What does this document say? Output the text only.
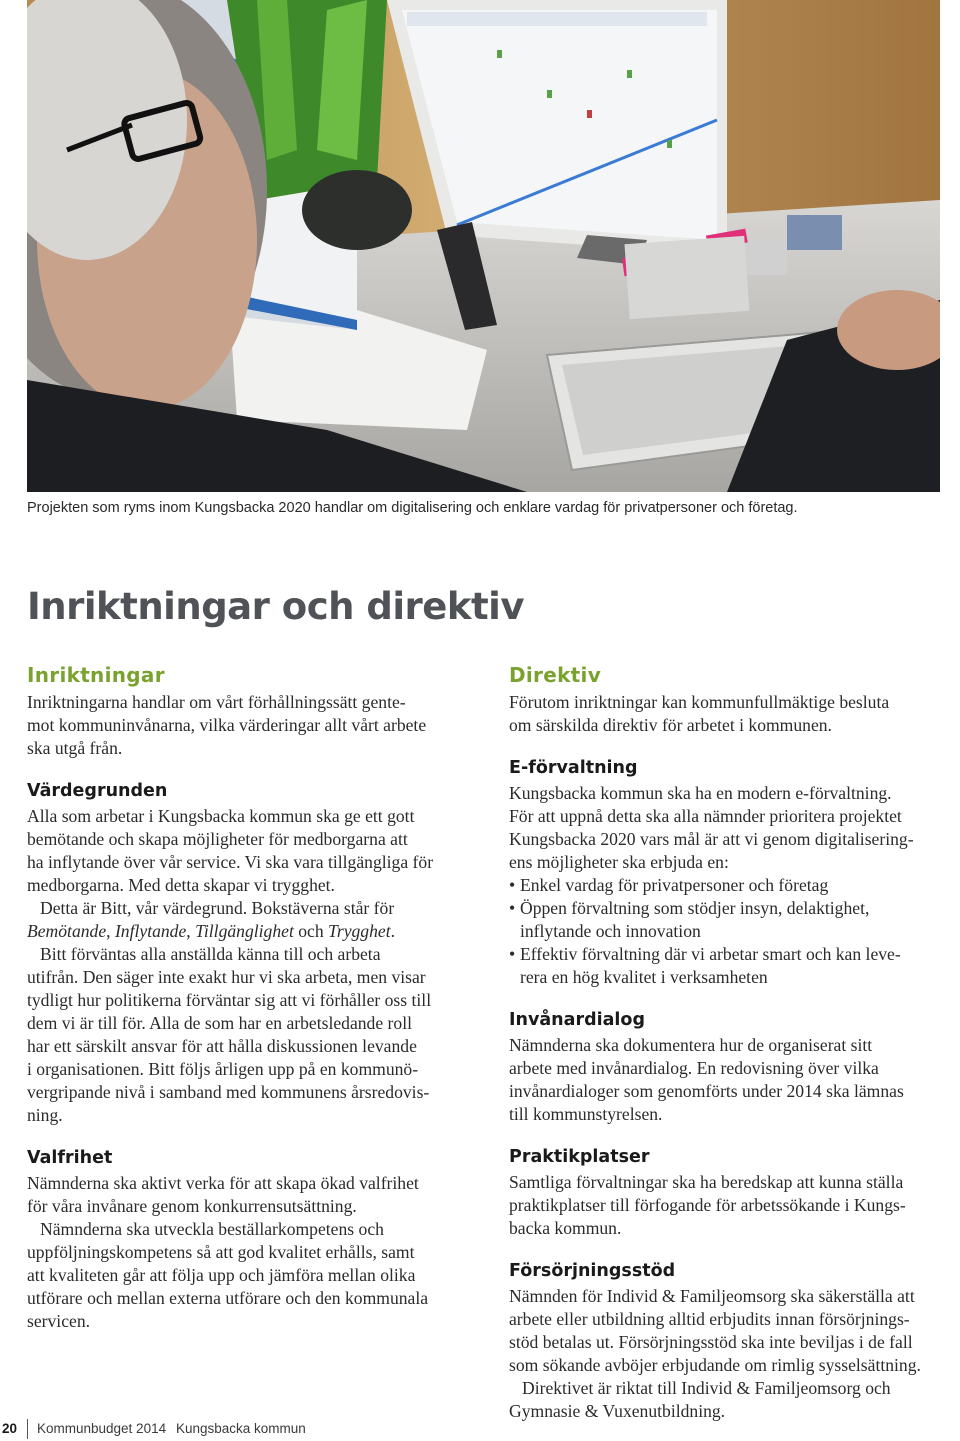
Projekten som ryms inom Kungsbacka 2020 handlar om digitalisering och enklare vardag för privatpersoner och företag.
Inriktningar och direktiv
Inriktningar

Inriktningarna handlar om vårt förhållningssätt gente-
mot kommuninvånarna, vilka värderingar allt vårt arbete
ska utgå från.

Värdegrunden

Alla som arbetar i Kungsbacka kommun ska ge ett gott
bemötande och skapa möjligheter för medborgarna att
ha inflytande över vår service. Vi ska vara tillgängliga för
medborgarna. Med detta skapar vi trygghet.

Detta är Bitt, vår värdegrund. Bokstäverna står för
Bemötande, Inflytande, Tillgänglighet och Trygghet.

Bitt förväntas alla anställda känna till och arbeta
utifrån. Den säger inte exakt hur vi ska arbeta, men visar
tydligt hur politikerna förväntar sig att vi förhåller oss till
dem vi är till för. Alla de som har en arbetsledande roll
har ett särskilt ansvar för att hålla diskussionen levande
i organisationen. Bitt följs årligen upp på en kommunö-
vergripande nivå i samband med kommunens årsredovis-
ning.

Valfrihet

Nämnderna ska aktivt verka för att skapa ökad valfrihet
för våra invånare genom konkurrensutsättning.

Nämnderna ska utveckla beställarkompetens och
uppföljningskompetens så att god kvalitet erhålls, samt
att kvaliteten går att följa upp och jämföra mellan olika
utförare och mellan externa utförare och den kommunala
servicen.

Direktiv

Förutom inriktningar kan kommunfullmäktige besluta
om särskilda direktiv för arbetet i kommunen.

E-förvaltning

Kungsbacka kommun ska ha en modern e-förvaltning.
För att uppnå detta ska alla nämnder prioritera projektet
Kungsbacka 2020 vars mål är att vi genom digitalisering-
ens möjligheter ska erbjuda en:

• Enkel vardag för privatpersoner och företag
• Öppen förvaltning som stödjer insyn, delaktighet,
inflytande och innovation
• Effektiv förvaltning där vi arbetar smart och kan leve-
rera en hög kvalitet i verksamheten
Invånardialog

Nämnderna ska dokumentera hur de organiserat sitt
arbete med invånardialog. En redovisning över vilka
invånardialoger som genomförts under 2014 ska lämnas
till kommunstyrelsen.

Praktikplatser

Samtliga förvaltningar ska ha beredskap att kunna ställa
praktikplatser till förfogande för arbetssökande i Kungs-
backa kommun.

Försörjningsstöd

Nämnden för Individ & Familjeomsorg ska säkerställa att
arbete eller utbildning alltid erbjudits innan försörjnings-
stöd betalas ut. Försörjningsstöd ska inte beviljas i de fall
som sökande avböjer erbjudande om rimlig sysselsättning.

Direktivet är riktat till Individ & Familjeomsorg och
Gymnasie & Vuxenutbildning.

20 Kommunbudget 2014 Kungsbacka kommun
